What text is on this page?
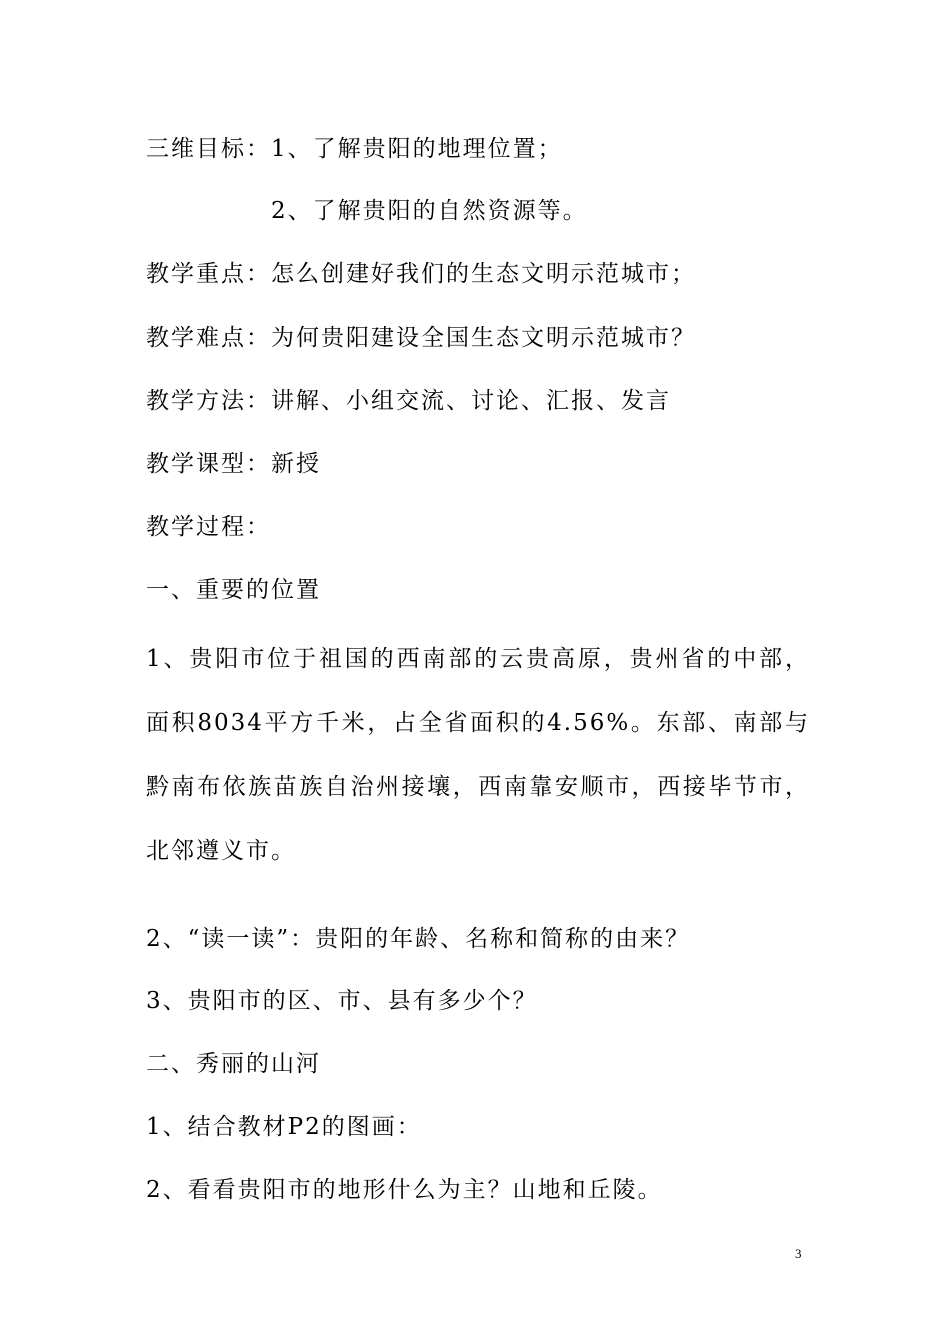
三维目标：1、了解贵阳的地理位置；
2、了解贵阳的自然资源等。
教学重点：怎么创建好我们的生态文明示范城市；
教学难点：为何贵阳建设全国生态文明示范城市？
教学方法：讲解、小组交流、讨论、汇报、发言
教学课型：新授
教学过程：
一、重要的位置
1、贵阳市位于祖国的西南部的云贵高原，贵州省的中部，面积8034平方千米，占全省面积的4.56%。东部、南部与黔南布依族苗族自治州接壤，西南靠安顺市，西接毕节市，北邻遵义市。
2、“读一读”：贵阳的年龄、名称和简称的由来？
3、贵阳市的区、市、县有多少个？
二、秀丽的山河
1、结合教材P2的图画：
2、看看贵阳市的地形什么为主？山地和丘陵。
3
